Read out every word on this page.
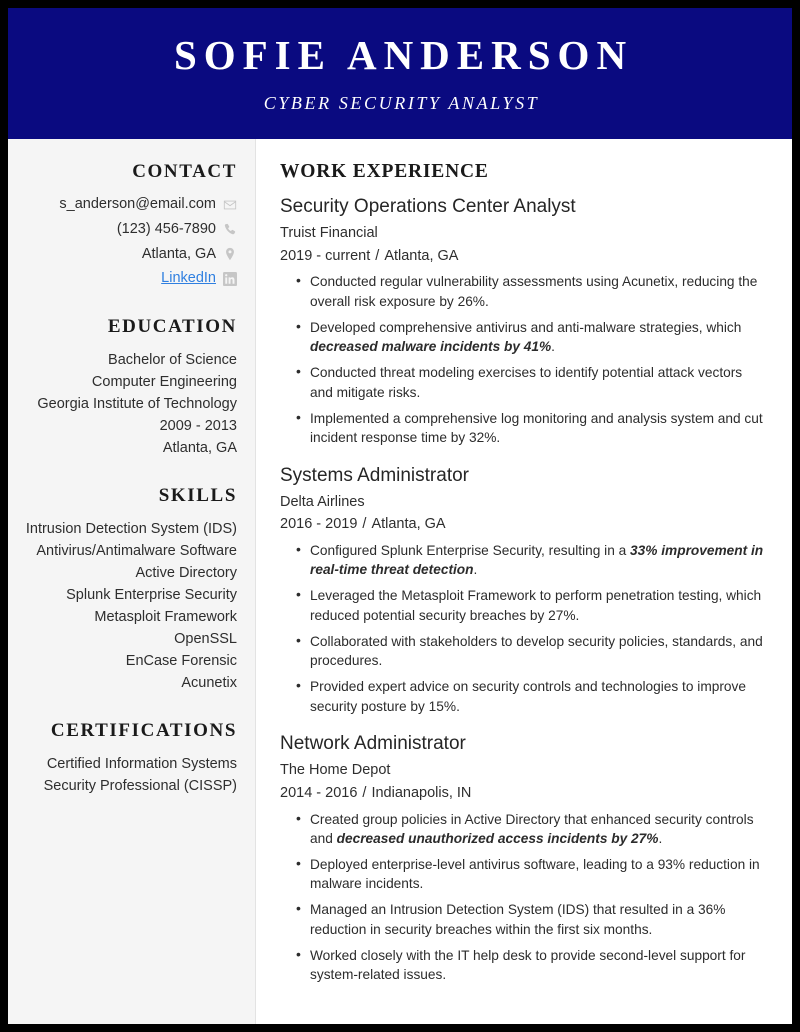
SOFIE ANDERSON
CYBER SECURITY ANALYST
CONTACT
s_anderson@email.com
(123) 456-7890
Atlanta, GA
LinkedIn
EDUCATION
Bachelor of Science
Computer Engineering
Georgia Institute of Technology
2009 - 2013
Atlanta, GA
SKILLS
Intrusion Detection System (IDS)
Antivirus/Antimalware Software
Active Directory
Splunk Enterprise Security
Metasploit Framework
OpenSSL
EnCase Forensic
Acunetix
CERTIFICATIONS
Certified Information Systems Security Professional (CISSP)
WORK EXPERIENCE
Security Operations Center Analyst
Truist Financial
2019 - current / Atlanta, GA
• Conducted regular vulnerability assessments using Acunetix, reducing the overall risk exposure by 26%.
• Developed comprehensive antivirus and anti-malware strategies, which decreased malware incidents by 41%.
• Conducted threat modeling exercises to identify potential attack vectors and mitigate risks.
• Implemented a comprehensive log monitoring and analysis system and cut incident response time by 32%.
Systems Administrator
Delta Airlines
2016 - 2019 / Atlanta, GA
• Configured Splunk Enterprise Security, resulting in a 33% improvement in real-time threat detection.
• Leveraged the Metasploit Framework to perform penetration testing, which reduced potential security breaches by 27%.
• Collaborated with stakeholders to develop security policies, standards, and procedures.
• Provided expert advice on security controls and technologies to improve security posture by 15%.
Network Administrator
The Home Depot
2014 - 2016 / Indianapolis, IN
• Created group policies in Active Directory that enhanced security controls and decreased unauthorized access incidents by 27%.
• Deployed enterprise-level antivirus software, leading to a 93% reduction in malware incidents.
• Managed an Intrusion Detection System (IDS) that resulted in a 36% reduction in security breaches within the first six months.
• Worked closely with the IT help desk to provide second-level support for system-related issues.
